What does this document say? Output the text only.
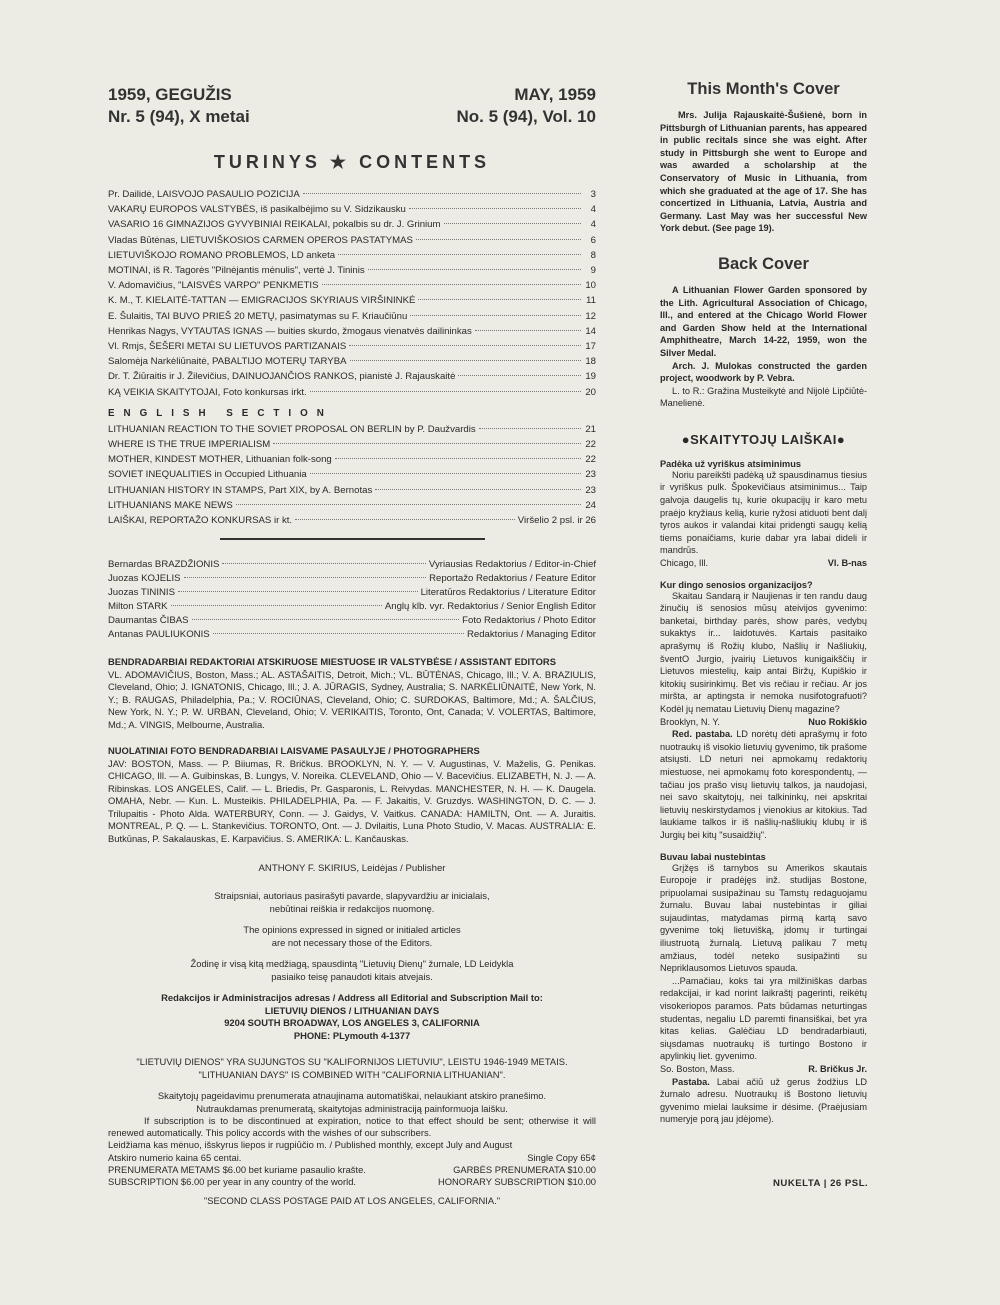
1959, GEGUŽIS	MAY, 1959
Nr. 5 (94), X metai	No. 5 (94), Vol. 10
TURINYS ★ CONTENTS
Pr. Dailidė, LAISVOJO PASAULIO POZICIJA	3
VAKARŲ EUROPOS VALSTYBĖS, iš pasikalbėjimo su V. Sidzikausku	4
VASARIO 16 GIMNAZIJOS GYVYBINIAI REIKALAI, pokalbis su dr. J. Grinium	4
Vladas Būtėnas, LIETUVIŠKOSIOS CARMEN OPEROS PASTATYMAS	6
LIETUVIŠKOJO ROMANO PROBLEMOS, LD anketa	8
MOTINAI, iš R. Tagorės "Pilnėjantis mėnulis", vertė J. Tininis	9
V. Adomavičius, "LAISVĖS VARPO" PENKMETIS	10
K. M., T. KIELAITĖ-TATTAN — EMIGRACIJOS SKYRIAUS VIRŠININKĖ	11
E. Šulaitis, TAI BUVO PRIEŠ 20 METŲ, pasimatymas su F. Kriaučiūnu	12
Henrikas Nagys, VYTAUTAS IGNAS — buities skurdo, žmogaus vienatvės dailininkas	14
Vl. Rmjs, ŠEŠERI METAI SU LIETUVOS PARTIZANAIS	17
Salomėja Narkėliūnaitė, PABALTIJO MOTERŲ TARYBA	18
Dr. T. Žiūraitis ir J. Žilevičius, DAINUOJANČIOS RANKOS, pianistė J. Rajauskaitė	19
KĄ VEIKIA SKAITYTOJAI, Foto konkursas irkt.	20
ENGLISH SECTION
LITHUANIAN REACTION TO THE SOVIET PROPOSAL ON BERLIN by P. Daužvardis	21
WHERE IS THE TRUE IMPERIALISM	22
MOTHER, KINDEST MOTHER, Lithuanian folk-song	22
SOVIET INEQUALITIES in Occupied Lithuania	23
LITHUANIAN HISTORY IN STAMPS, Part XIX, by A. Bernotas	23
LITHUANIANS MAKE NEWS	24
LAIŠKAI, REPORTAŽO KONKURSAS ir kt.	Viršelio 2 psl. ir 26
Bernardas BRAZDŽIONIS	Vyriausias Redaktorius / Editor-in-Chief
Juozas KOJELIS	Reportažo Redaktorius / Feature Editor
Juozas TININIS	Literatūros Redaktorius / Literature Editor
Milton STARK	Anglų klb. vyr. Redaktorius / Senior English Editor
Daumantas ČIBAS	Foto Redaktorius / Photo Editor
Antanas PAULIUKONIS	Redaktorius / Managing Editor
BENDRADARBIAI REDAKTORIAI ATSKIRUOSE MIESTUOSE IR VALSTYBĖSE / ASSISTANT EDITORS
VL. ADOMAVIČIUS, Boston, Mass.; AL. ASTAŠAITIS, Detroit, Mich.; VL. BŪTĖNAS, Chicago, Ill.; V. A. BRAZIULIS, Cleveland, Ohio; J. IGNATONIS, Chicago, Ill.; J. A. JŪRAGIS, Sydney, Australia; S. NARKĖLIŪNAITĖ, New York, N. Y.; B. RAUGAS, Philadelphia, Pa.; V. ROCIŪNAS, Cleveland, Ohio; C. SURDOKAS, Baltimore, Md.; A. ŠALČIUS, New York, N. Y.; P. W. URBAN, Cleveland, Ohio; V. VERIKAITIS, Toronto, Ont, Canada; V. VOLERTAS, Baltimore, Md.; A. VINGIS, Melbourne, Australia.
NUOLATINIAI FOTO BENDRADARBIAI LAISVAME PASAULYJE / PHOTOGRAPHERS
JAV: BOSTON, Mass. — P. Biiumas, R. Bričkus. BROOKLYN, N. Y. — V. Augustinas, V. Maželis, G. Penikas. CHICAGO, Ill. — A. Guibinskas, B. Lungys, V. Noreika. CLEVELAND, Ohio — V. Bacevičius. ELIZABETH, N. J. — A. Ribinskas. LOS ANGELES, Calif. — L. Briedis, Pr. Gasparonis, L. Reivydas. MANCHESTER, N. H. — K. Daugela. OMAHA, Nebr. — Kun. L. Musteikis. PHILADELPHIA, Pa. — F. Jakaitis, V. Gruzdys. WASHINGTON, D. C. — J. Trilupaitis - Photo Alda. WATERBURY, Conn. — J. Gaidys, V. Vaitkus. CANADA: HAMILTN, Ont. — A. Juraitis. MONTREAL, P. Q. — L. Stankevičius. TORONTO, Ont. — J. Dvilaitis, Luna Photo Studio, V. Macas. AUSTRALIA: E. Butkūnas, P. Sakalauskas, E. Karpavičius. S. AMERIKA: L. Kančauskas.
ANTHONY F. SKIRIUS, Leidėjas / Publisher
Straipsniai, autoriaus pasirašyti pavarde, slapyvardžiu ar inicialais,
nebūtinai reiškia ir redakcijos nuomonę.
The opinions expressed in signed or initialed articles
are not necessary those of the Editors.
Žodinę ir visą kitą medžiagą, spausdintą "Lietuvių Dienų" žurnale, LD Leidykla
pasiaiko teisę panaudoti kitais atvejais.
Redakcijos ir Administracijos adresas / Address all Editorial and Subscription Mail to:
LIETUVIŲ DIENOS / LITHUANIAN DAYS
9204 SOUTH BROADWAY, LOS ANGELES 3, CALIFORNIA
PHONE: PLymouth 4-1377
"LIETUVIŲ DIENOS" YRA SUJUNGTOS SU "KALIFORNIJOS LIETUVIU", LEISTU 1946-1949 METAIS.
"LITHUANIAN DAYS" IS COMBINED WITH "CALIFORNIA LITHUANIAN".
Skaitytojų pageidavimu prenumerata atnaujinama automatiškai, nelaukiant atskiro pranešimo.
Nutraukdamas prenumeratą, skaitytojas administraciją painformuoja laišku.
If subscription is to be discontinued at expiration, notice to that effect should be sent; otherwise it will renewed automatically. This policy accords with the wishes of our subscribers.
Leidžiama kas mėnuo, išskyrus liepos ir rugpiūčio m. / Published monthly, except July and August
Atskiro numerio kaina 65 centai.	Single Copy 65¢
PRENUMERATA METAMS $6.00 bet kuriame pasaulio krašte.	GARBĖS PRENUMERATA $10.00
SUBSCRIPTION $6.00 per year in any country of the world.	HONORARY SUBSCRIPTION $10.00
"SECOND CLASS POSTAGE PAID AT LOS ANGELES, CALIFORNIA."
This Month's Cover
Mrs. Julija Rajauskaitė-Šušienė, born in Pittsburgh of Lithuanian parents, has appeared in public recitals since she was eight. After study in Pittsburgh she went to Europe and was awarded a scholarship at the Conservatory of Music in Lithuania, from which she graduated at the age of 17. She has concertized in Lithuania, Latvia, Austria and Germany. Last May was her successful New York debut. (See page 19).
Back Cover
A Lithuanian Flower Garden sponsored by the Lith. Agricultural Association of Chicago, Ill., and entered at the Chicago World Flower and Garden Show held at the International Amphitheatre, March 14-22, 1959, won the Silver Medal.
Arch. J. Mulokas constructed the garden project, woodwork by P. Vebra.
L. to R.: Gražina Musteikytė and Nijolė Lipčiūtė-Manelienė.
●SKAITYTOJŲ LAIŠKAI●
Padėka už vyriškus atsiminimus
Noriu pareikšti padėką už spausdinamus tiesius ir vyriškus pulk. Špokevičiaus atsiminimus... Taip galvoja daugelis tų, kurie okupacijų ir karo metu praėjo kryžiaus kelią, kurie ryžosi atiduoti bent dalį tyros aukos ir valandai kitai pridengti saugų kelią tiems ponaičiams, kurie dabar yra labai dideli ir mandrūs.
Chicago, Ill.	Vl. B-nas
Kur dingo senosios organizacijos?
Skaitau Sandarą ir Naujienas ir ten randu daug žinučių iš senosios mūsų ateivijos gyvenimo: banketai, birthday parės, show parės, vedybų sukaktys ir... laidotuvės. Kartais pasitaiko aprašymų iš Rožių klubo, Našlių ir Našliukių, šventO Jurgio, įvairių Lietuvos kunigaikščių ir Lietuvos miestelių, kaip antai Biržų, Kupiškio ir kitokių susirinkimų. Bet vis rečiau ir rečiau. Ar jos miršta, ar aptingsta ir nemoka nusifotografuoti? Kodėl jų nematau Lietuvių Dienų magazine?
Brooklyn, N. Y.	Nuo Rokiškio
Red. pastaba. LD norėtų dėti aprašymų ir foto nuotraukų iš visokio lietuvių gyvenimo, tik prašome atsiųsti. LD neturi nei apmokamų redaktorių miestuose, nei apmokamų foto korespondentų, — tačiau jos prašo visų lietuvių talkos, ja naudojasi, nei savo skaitytojų, nei talkininkų, nei apskritai lietuvių neskirstydamos į vienokius ar kitokius. Tad laukiame talkos ir iš našlių-našliukių klubų ir iš Jurgių bei kitų "susaidžių".
Buvau labai nustebintas
Grįžęs iš tarnybos su Amerikos skautais Europoje ir pradėjęs inž. studijas Bostone, pripuolamai susipažinau su Tamstų redaguojamu žurnalu. Buvau labai nustebintas ir giliai sujaudintas, matydamas pirmą kartą savo gyvenime tokį lietuvišką, įdomų ir turtingai iliustruotą žurnalą. Lietuvą palikau 7 metų amžiaus, todėl neteko susipažinti su Nepriklausomos Lietuvos spauda.
...Pamačiau, koks tai yra milžiniškas darbas redakcijai, ir kad norint laikraštį pagerinti, reikėtų visokeriopos paramos. Pats būdamas neturtingas studentas, negaliu LD paremti finansiškai, bet yra kitas kelias. Galėčiau LD bendradarbiauti, siųsdamas nuotraukų iš turtingo Bostono ir apylinkių liet. gyvenimo.
So. Boston, Mass.	R. Bričkus Jr.
Pastaba. Labai ačiū už gerus žodžius LD žurnalo adresu. Nuotraukų iš Bostono lietuvių gyvenimo mielai lauksime ir dėsime. (Praėjusiam numeryje porą jau įdėjome).
NUKELTA | 26 PSL.
